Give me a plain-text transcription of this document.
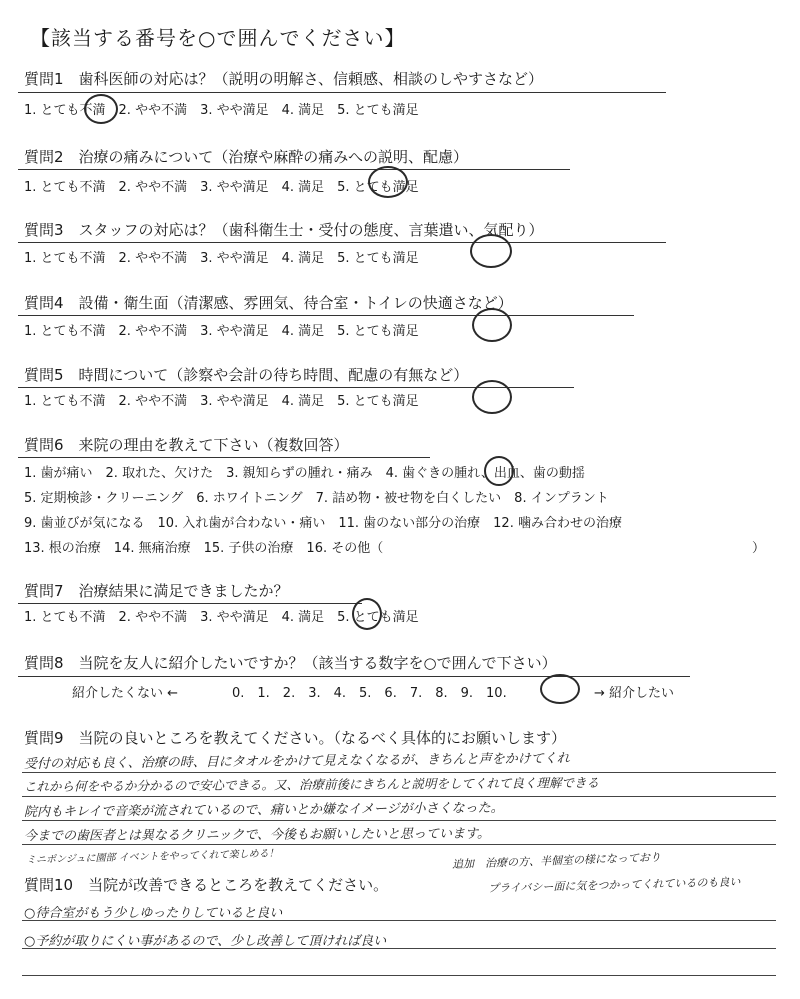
【該当する番号を○で囲んでください】
質問1　歯科医師の対応は？（説明の明解さ、信頼感、相談のしやすさなど）
1. とても不満　2. やや不満　3. やや満足　4. 満足　5. とても満足
質問2　治療の痛みについて（治療や麻酔の痛みへの説明、配慮）
1. とても不満　2. やや不満　3. やや満足　4. 満足　5. とても満足
質問3　スタッフの対応は？（歯科衛生士・受付の態度、言葉遣い、気配り）
1. とても不満　2. やや不満　3. やや満足　4. 満足　5. とても満足
質問4　設備・衛生面（清潔感、雰囲気、待合室・トイレの快適さなど）
1. とても不満　2. やや不満　3. やや満足　4. 満足　5. とても満足
質問5　時間について（診察や会計の待ち時間、配慮の有無など）
1. とても不満　2. やや不満　3. やや満足　4. 満足　5. とても満足
質問6　来院の理由を教えて下さい（複数回答）
1. 歯が痛い　2. 取れた、欠けた　3. 親知らずの腫れ・痛み　4. 歯ぐきの腫れ、出血、歯の動揺
5. 定期検診・クリーニング　6. ホワイトニング　7. 詰め物・被せ物を白くしたい　8. インプラント
9. 歯並びが気になる　10. 入れ歯が合わない・痛い　11. 歯のない部分の治療　12. 噛み合わせの治療
13. 根の治療　14. 無痛治療　15. 子供の治療　16. その他（	）
質問7　治療結果に満足できましたか？
1. とても不満　2. やや不満　3. やや満足　4. 満足　5. とても満足
質問8　当院を友人に紹介したいですか？（該当する数字を○で囲んで下さい）
紹介したくない ←	0.　1.　2.　3.　4.　5.　6.　7.　8.　9.　10.	→ 紹介したい
質問9　当院の良いところを教えてください。（なるべく具体的にお願いします）
受付の対応も良く、治療の時、目にタオルをかけて見えなくなるが、きちんと声をかけてくれ
これから何をやるか分かるので安心できる。又、治療前後にきちんと説明をしてくれて良く理解できる
院内もキレイで音楽が流されているので、痛いとか嫌なイメージが小さくなった。
今までの歯医者とは異なるクリニックで、今後もお願いしたいと思っています。
ミニポンジュに園部 イベントをやってくれて楽しめる！
質問10　当院が改善できるところを教えてください。
追加　治療の方、半個室の様になっており
プライバシー面に気をつかってくれているのも良い
○待合室がもう少しゆったりしていると良い
○予約が取りにくい事があるので、少し改善して頂ければ良い
